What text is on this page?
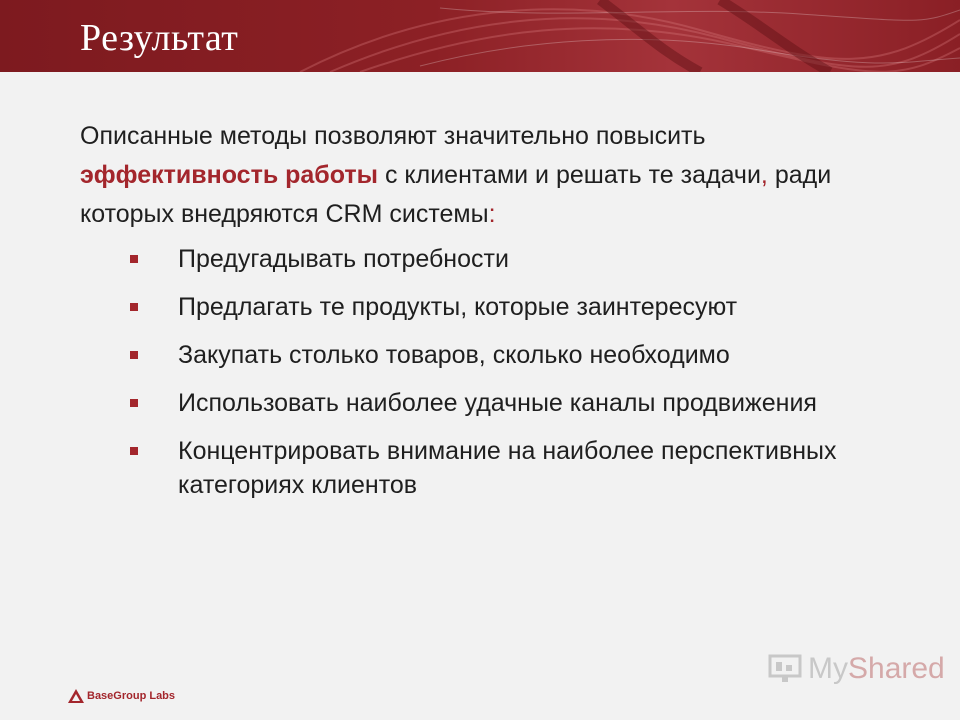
Результат

Описанные методы позволяют значительно повысить эффективность работы с клиентами и решать те задачи, ради которых внедряются CRM системы:

Предугадывать потребности
Предлагать те продукты, которые заинтересуют
Закупать столько товаров, сколько необходимо
Использовать наиболее удачные каналы продвижения
Концентрировать внимание на наиболее перспективных категориях клиентов
BaseGroup Labs
MyShared
